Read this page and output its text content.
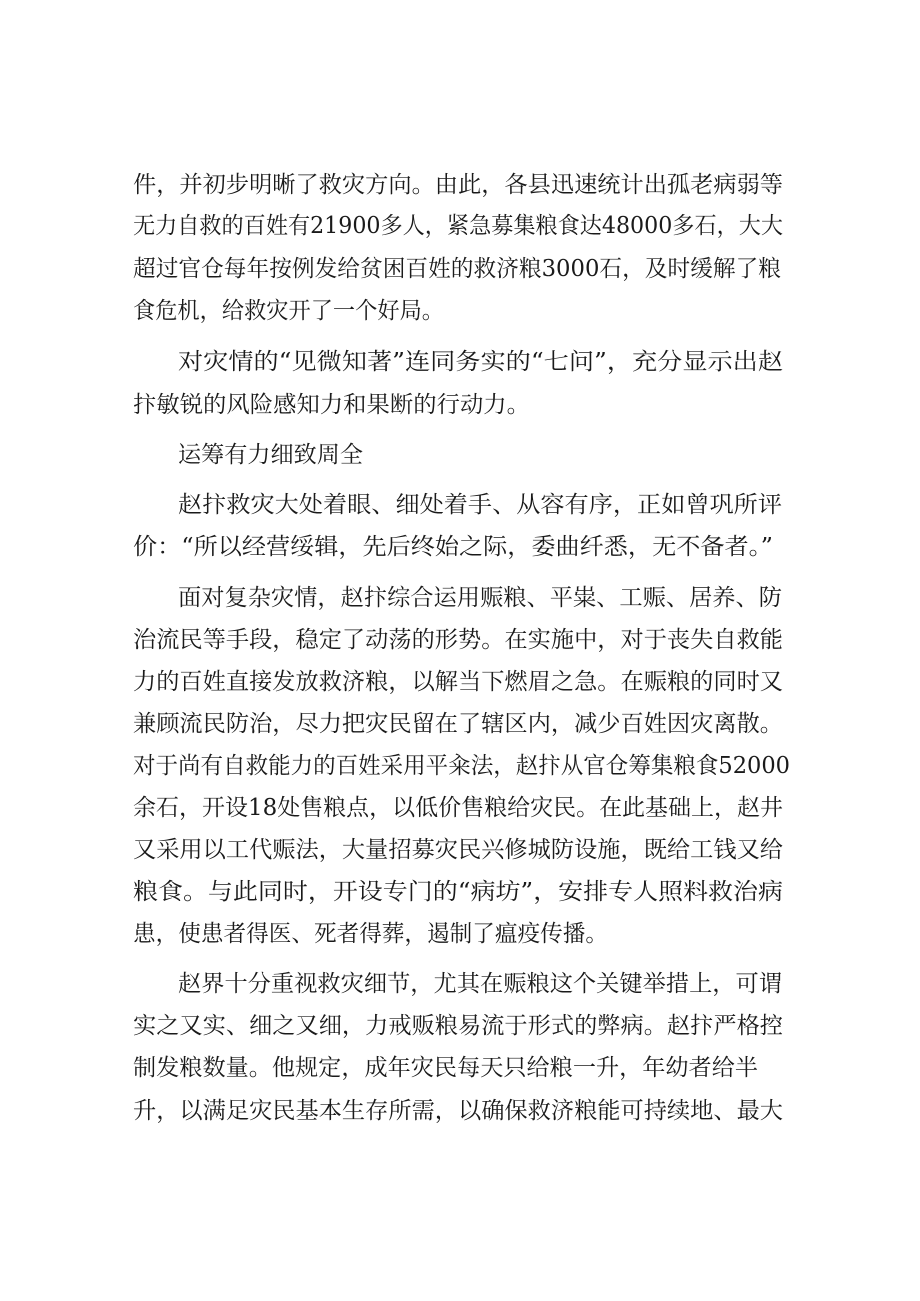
件，并初步明晰了救灾方向。由此，各县迅速统计出孤老病弱等
无力自救的百姓有21900多人，紧急募集粮食达48000多石，大大
超过官仓每年按例发给贫困百姓的救济粮3000石，及时缓解了粮
食危机，给救灾开了一个好局。
对灾情的“见微知著”连同务实的“七问”，充分显示出赵
抃敏锐的风险感知力和果断的行动力。
运筹有力细致周全
赵抃救灾大处着眼、细处着手、从容有序，正如曾巩所评
价：“所以经营绥辑，先后终始之际，委曲纤悉，无不备者。”
面对复杂灾情，赵抃综合运用赈粮、平粜、工赈、居养、防
治流民等手段，稳定了动荡的形势。在实施中，对于丧失自救能
力的百姓直接发放救济粮，以解当下燃眉之急。在赈粮的同时又
兼顾流民防治，尽力把灾民留在了辖区内，减少百姓因灾离散。
对于尚有自救能力的百姓采用平籴法，赵抃从官仓筹集粮食52000
余石，开设18处售粮点，以低价售粮给灾民。在此基础上，赵井
又采用以工代赈法，大量招募灾民兴修城防设施，既给工钱又给
粮食。与此同时，开设专门的“病坊”，安排专人照料救治病
患，使患者得医、死者得葬，遏制了瘟疫传播。
赵界十分重视救灾细节，尤其在赈粮这个关键举措上，可谓
实之又实、细之又细，力戒贩粮易流于形式的弊病。赵抃严格控
制发粮数量。他规定，成年灾民每天只给粮一升，年幼者给半
升，以满足灾民基本生存所需，以确保救济粮能可持续地、最大
